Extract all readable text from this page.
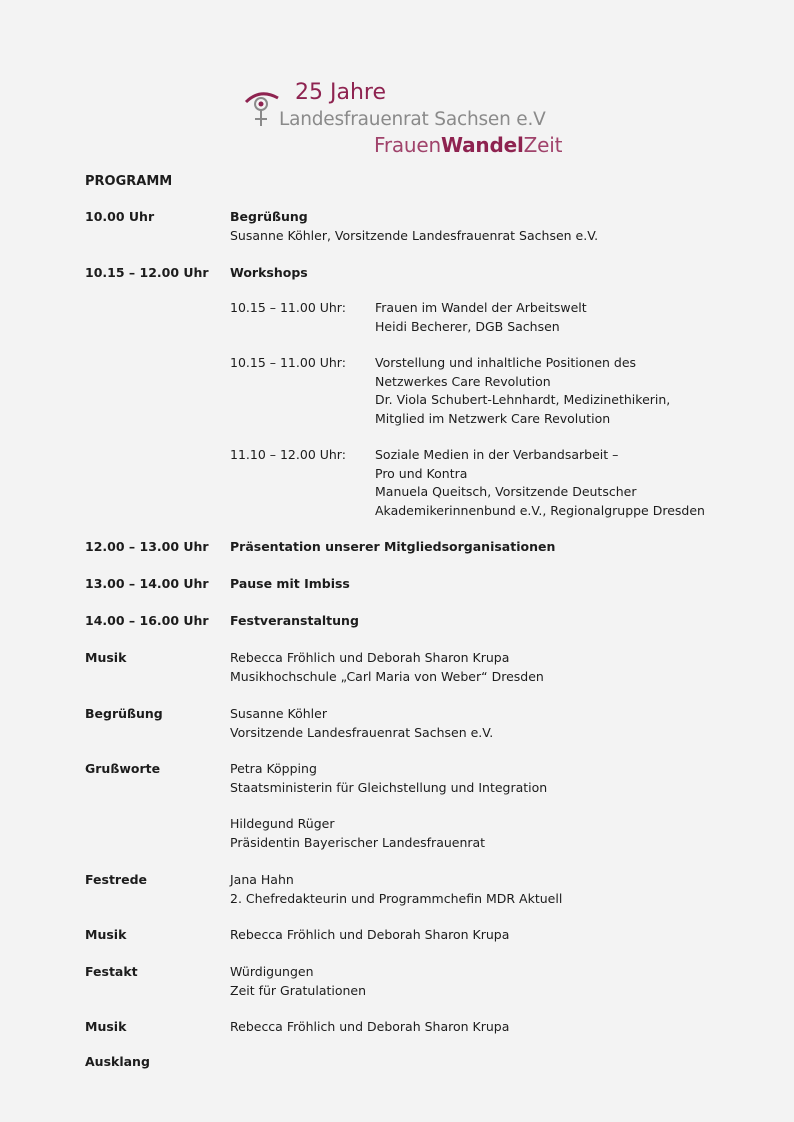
25 Jahre
Landesfrauenrat Sachsen e.V
FrauenWandelZeit
PROGRAMM
10.00 Uhr	Begrüßung
Susanne Köhler, Vorsitzende Landesfrauenrat Sachsen e.V.
10.15 – 12.00 Uhr Workshops
10.15 – 11.00 Uhr: Frauen im Wandel der Arbeitswelt
Heidi Becherer, DGB Sachsen
10.15 – 11.00 Uhr: Vorstellung und inhaltliche Positionen des
Netzwerkes Care Revolution
Dr. Viola Schubert-Lehnhardt, Medizinethikerin,
Mitglied im Netzwerk Care Revolution
11.10 – 12.00 Uhr: Soziale Medien in der Verbandsarbeit –
Pro und Kontra
Manuela Queitsch, Vorsitzende Deutscher
Akademikerinnenbund e.V., Regionalgruppe Dresden
12.00 – 13.00 Uhr Präsentation unserer Mitgliedsorganisationen
13.00 – 14.00 Uhr Pause mit Imbiss
14.00 – 16.00 Uhr Festveranstaltung
Musik	Rebecca Fröhlich und Deborah Sharon Krupa
Musikhochschule „Carl Maria von Weber“ Dresden
Begrüßung	Susanne Köhler
Vorsitzende Landesfrauenrat Sachsen e.V.
Grußworte	Petra Köpping
Staatsministerin für Gleichstellung und Integration
Hildegund Rüger
Präsidentin Bayerischer Landesfrauenrat
Festrede	Jana Hahn
2. Chefredakteurin und Programmchefin MDR Aktuell
Musik	Rebecca Fröhlich und Deborah Sharon Krupa
Festakt	Würdigungen
Zeit für Gratulationen
Musik	Rebecca Fröhlich und Deborah Sharon Krupa
Ausklang
